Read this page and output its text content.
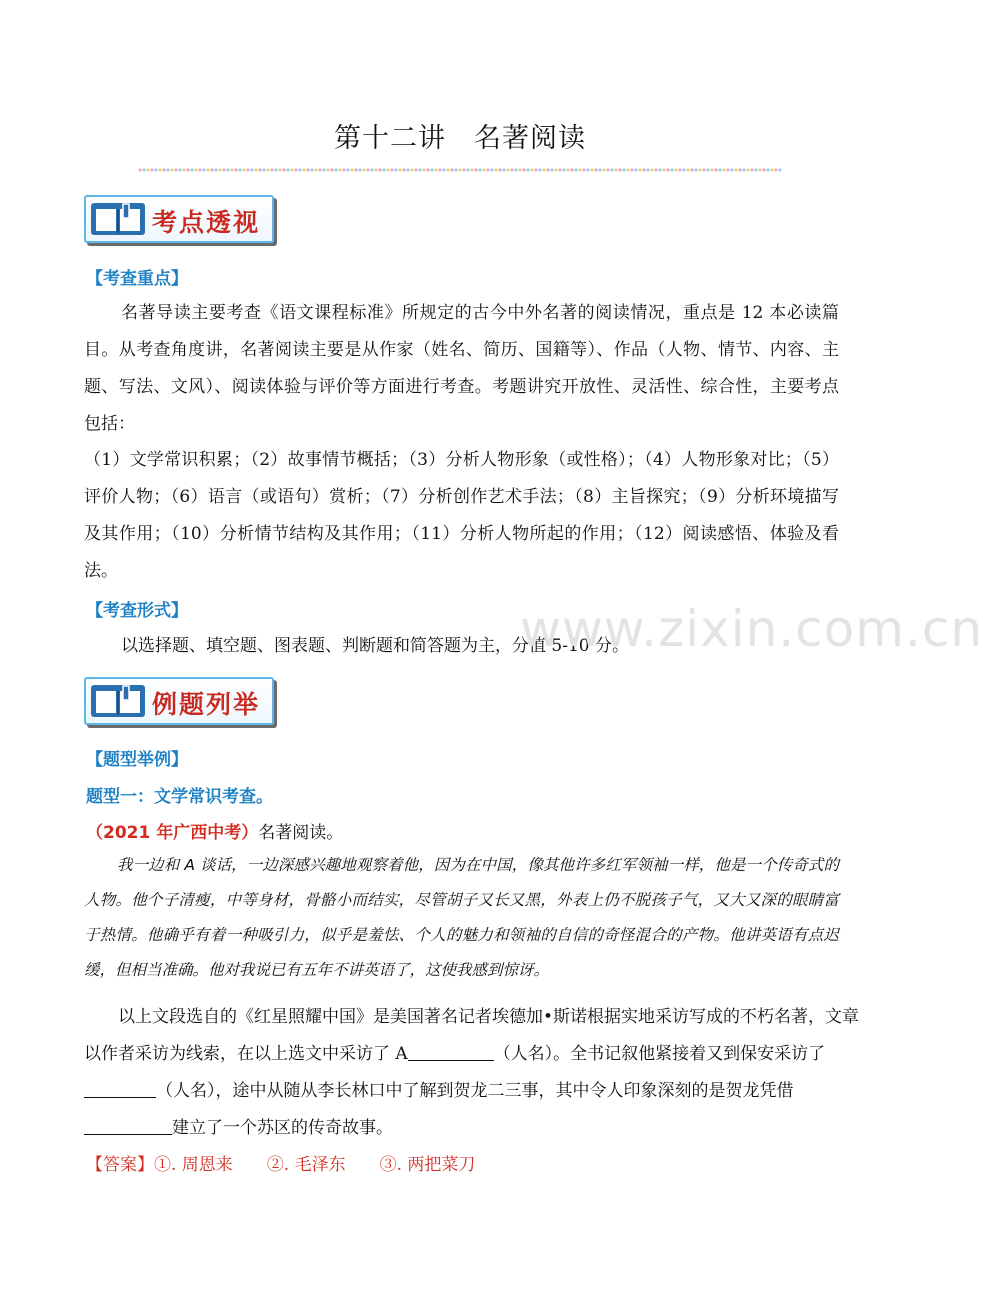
第十二讲　名著阅读
考点透视
【考查重点】
名著导读主要考查《语文课程标准》所规定的古今中外名著的阅读情况，重点是 12 本必读篇目。从考查角度讲，名著阅读主要是从作家（姓名、简历、国籍等）、作品（人物、情节、内容、主题、写法、文风）、阅读体验与评价等方面进行考查。考题讲究开放性、灵活性、综合性，主要考点包括：
（1）文学常识积累；（2）故事情节概括；（3）分析人物形象（或性格）；（4）人物形象对比；（5）评价人物；（6）语言（或语句）赏析；（7）分析创作艺术手法；（8）主旨探究；（9）分析环境描写及其作用；（10）分析情节结构及其作用；（11）分析人物所起的作用；（12）阅读感悟、体验及看法。
【考查形式】
以选择题、填空题、图表题、判断题和简答题为主，分值 5-10 分。
www.zixin.com.cn
例题列举
【题型举例】
题型一：文学常识考查。
（2021 年广西中考）名著阅读。
我一边和 A 谈话，一边深感兴趣地观察着他，因为在中国，像其他许多红军领袖一样，他是一个传奇式的人物。他个子清瘦，中等身材，骨骼小而结实，尽管胡子又长又黑，外表上仍不脱孩子气，又大又深的眼睛富于热情。他确乎有着一种吸引力，似乎是羞怯、个人的魅力和领袖的自信的奇怪混合的产物。他讲英语有点迟缓，但相当准确。他对我说已有五年不讲英语了，这使我感到惊讶。
以上文段选自的《红星照耀中国》是美国著名记者埃德加•斯诺根据实地采访写成的不朽名著，文章
以作者采访为线索，在以上选文中采访了 A	（人名）。全书记叙他紧接着又到保安采访了
（人名），途中从随从李长林口中了解到贺龙二三事，其中令人印象深刻的是贺龙凭借
建立了一个苏区的传奇故事。
【答案】①. 周恩来 ②. 毛泽东 ③. 两把菜刀
